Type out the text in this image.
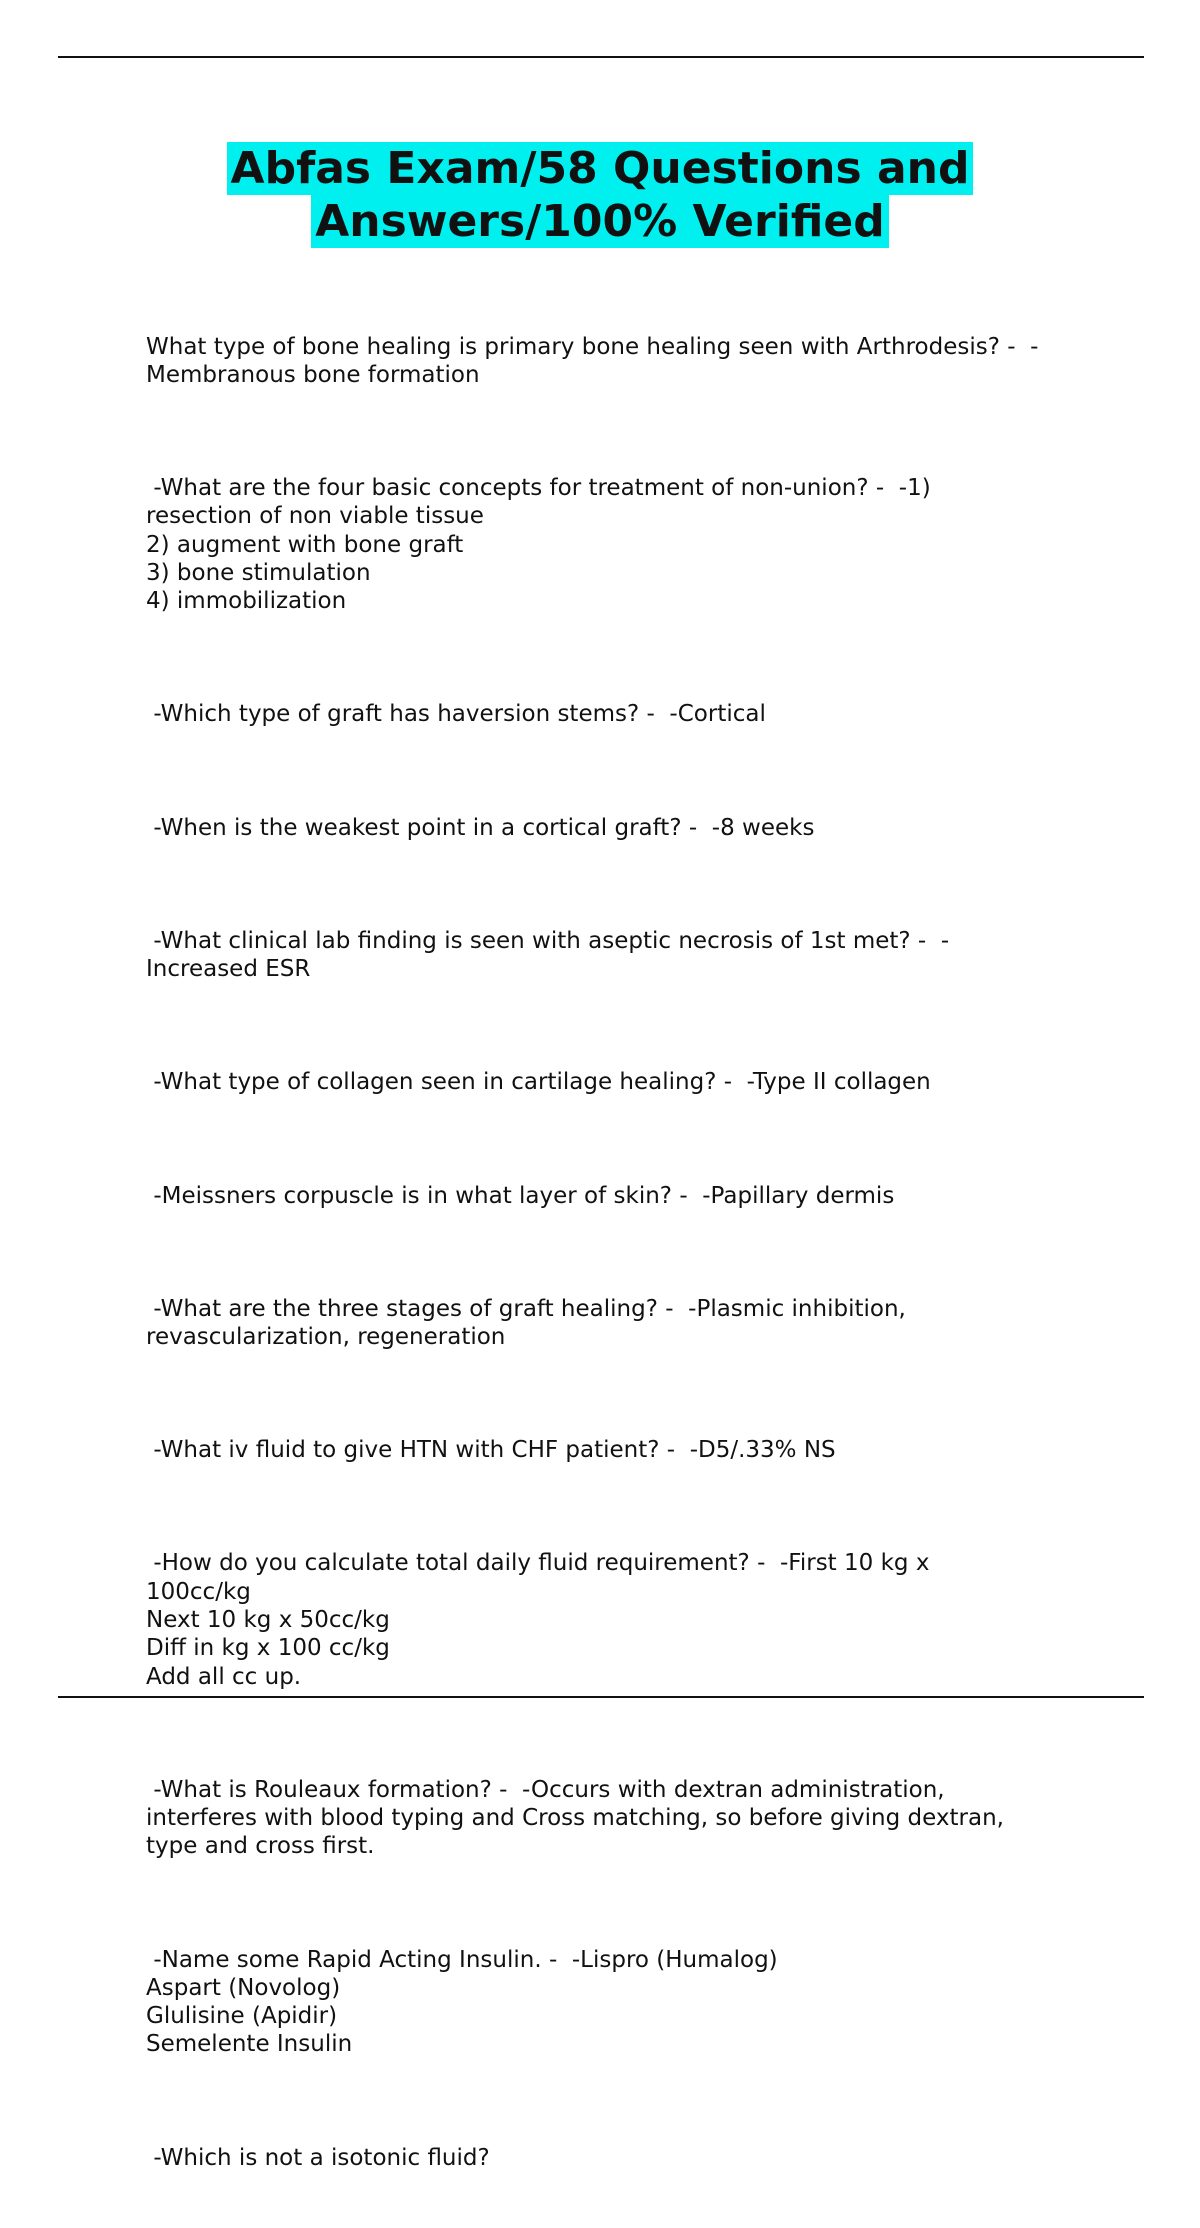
Abfas Exam/58 Questions and
Answers/100% Verified

What type of bone healing is primary bone healing seen with Arthrodesis? -  -
Membranous bone formation

-What are the four basic concepts for treatment of non-union? -  -1)
resection of non viable tissue
2) augment with bone graft
3) bone stimulation
4) immobilization

-Which type of graft has haversion stems? -  -Cortical

-When is the weakest point in a cortical graft? -  -8 weeks

-What clinical lab finding is seen with aseptic necrosis of 1st met? -  -
Increased ESR

-What type of collagen seen in cartilage healing? -  -Type II collagen

-Meissners corpuscle is in what layer of skin? -  -Papillary dermis

-What are the three stages of graft healing? -  -Plasmic inhibition,
revascularization, regeneration

-What iv fluid to give HTN with CHF patient? -  -D5/.33% NS

-How do you calculate total daily fluid requirement? -  -First 10 kg x
100cc/kg
Next 10 kg x 50cc/kg
Diff in kg x 100 cc/kg
Add all cc up.

-What is Rouleaux formation? -  -Occurs with dextran administration,
interferes with blood typing and Cross matching, so before giving dextran,
type and cross first.

-Name some Rapid Acting Insulin. -  -Lispro (Humalog)
Aspart (Novolog)
Glulisine (Apidir)
Semelente Insulin

-Which is not a isotonic fluid?
